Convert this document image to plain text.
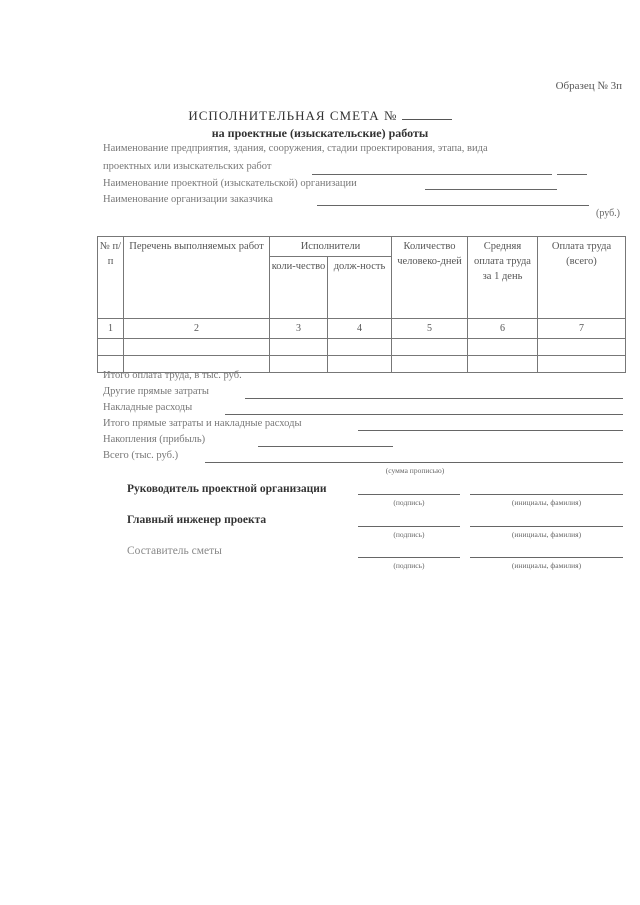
Образец № 3п
ИСПОЛНИТЕЛЬНАЯ СМЕТА №
на проектные (изыскательские) работы
Наименование предприятия, здания, сооружения, стадии проектирования, этапа, вида
проектных или изыскательских работ
Наименование проектной (изыскательской) организации
Наименование организации заказчика
(руб.)
№ п/п	Перечень выполняемых работ	Исполнители		Количество человеко-дней	Средняя оплата труда за 1 день	Оплата труда (всего)
		коли-чество	долж-ность			
1	2	3	4	5	6	7

Итого оплата труда, в тыс. руб.
Другие прямые затраты
Накладные расходы
Итого прямые затраты и накладные расходы
Накопления (прибыль)
Всего (тыс. руб.)
(сумма прописью)
Руководитель проектной организации
(подпись)	(инициалы, фамилия)
Главный инженер проекта
(подпись)	(инициалы, фамилия)
Составитель сметы
(подпись)	(инициалы, фамилия)
